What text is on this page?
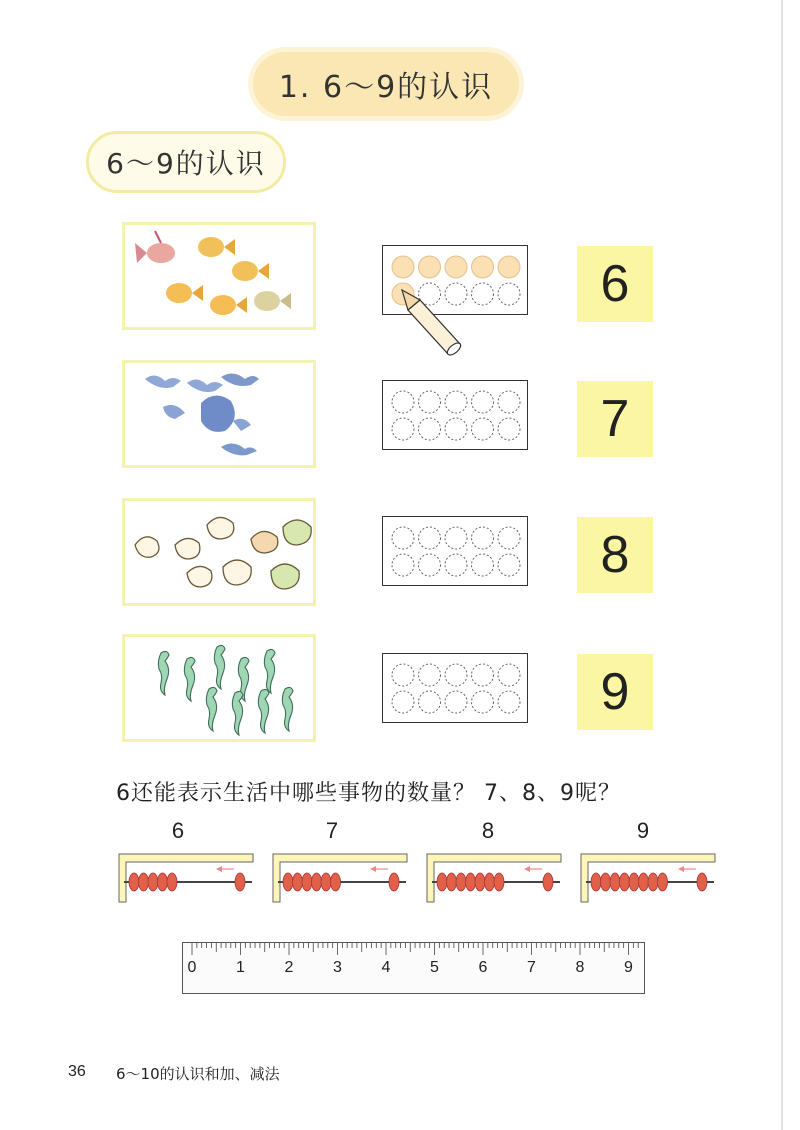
1. 6～9的认识
6～9的认识
6
7
8
9
6还能表示生活中哪些事物的数量？ 7、8、9呢？
6	7	8	9
0 1 2 3 4 5 6 7 8 9
36 6～10的认识和加、减法
